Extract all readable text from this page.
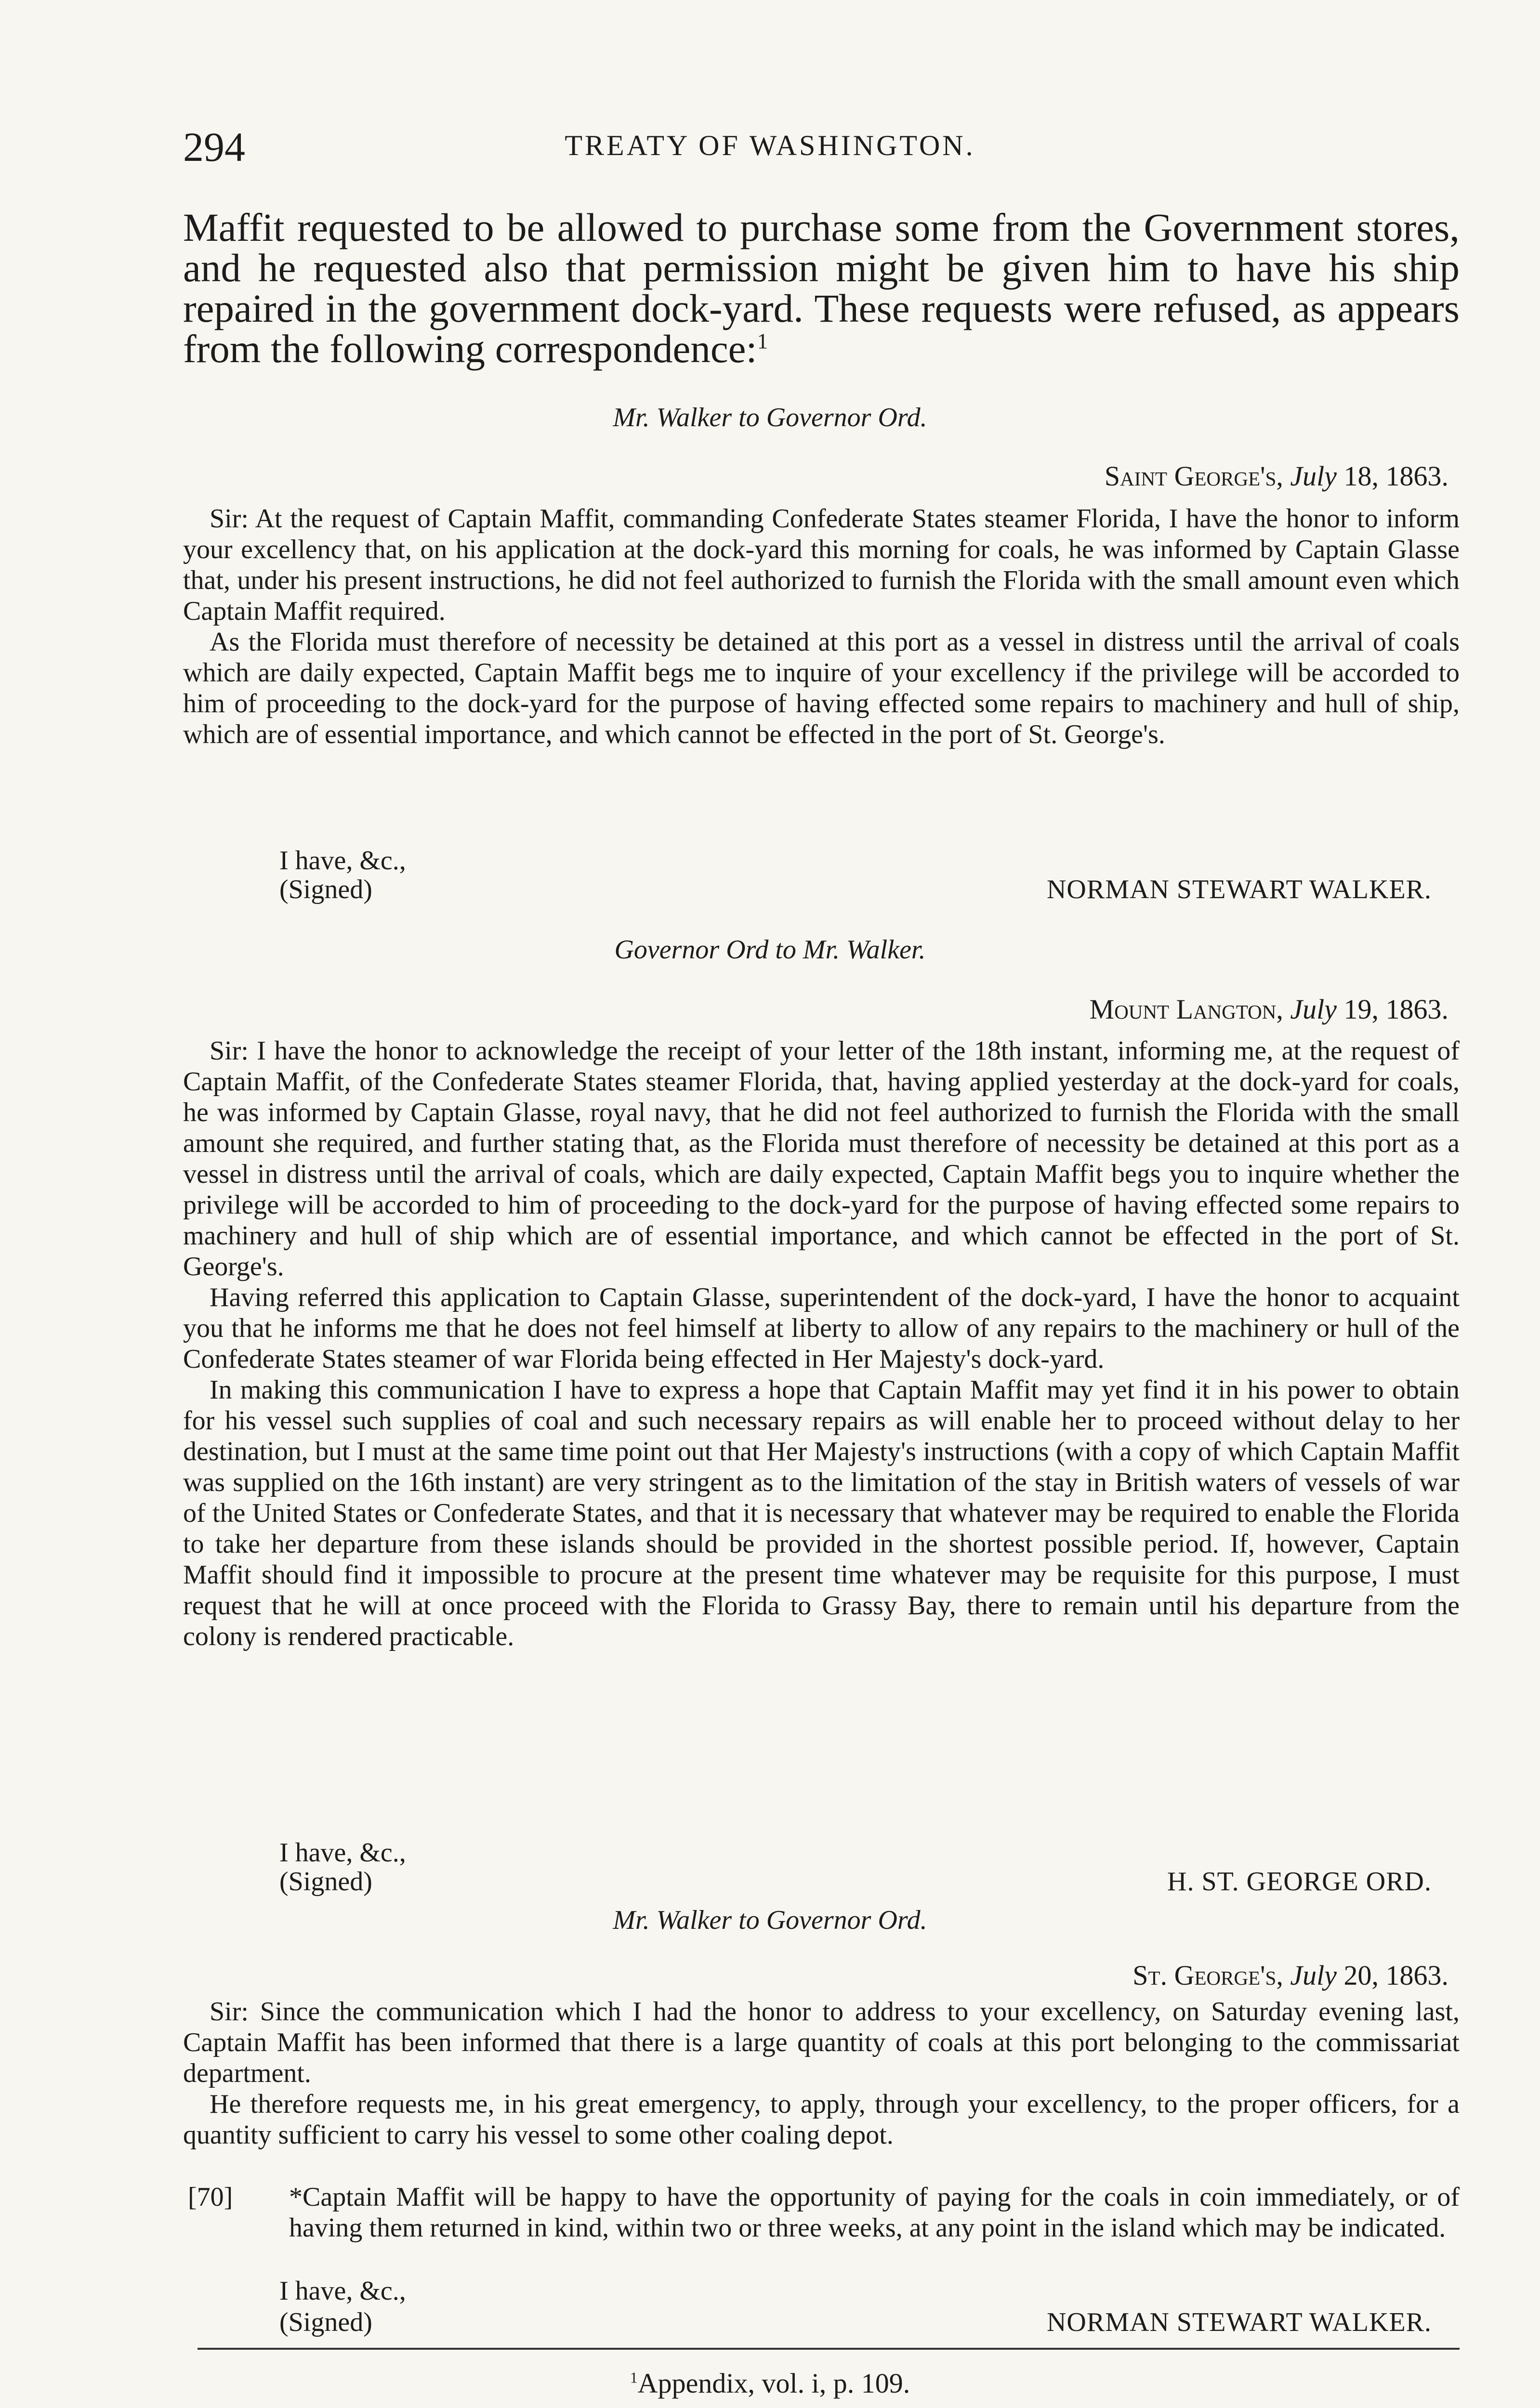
294	TREATY OF WASHINGTON.
Maffit requested to be allowed to purchase some from the Government stores, and he requested also that permission might be given him to have his ship repaired in the government dock-yard. These requests were refused, as appears from the following correspondence:$^1$
Mr. Walker to Governor Ord.
Saint George's, July 18, 1863.

Sir: At the request of Captain Maffit, commanding Confederate States steamer Florida, I have the honor to inform your excellency that, on his application at the dock-yard this morning for coals, he was informed by Captain Glasse that, under his present instructions, he did not feel authorized to furnish the Florida with the small amount even which Captain Maffit required.

As the Florida must therefore of necessity be detained at this port as a vessel in distress until the arrival of coals which are daily expected, Captain Maffit begs me to inquire of your excellency if the privilege will be accorded to him of proceeding to the dock-yard for the purpose of having effected some repairs to machinery and hull of ship, which are of essential importance, and which cannot be effected in the port of St. George's.

I have, &c.,
(Signed)	NORMAN STEWART WALKER.
Governor Ord to Mr. Walker.
Mount Langton, July 19, 1863.

Sir: I have the honor to acknowledge the receipt of your letter of the 18th instant, informing me, at the request of Captain Maffit, of the Confederate States steamer Florida, that, having applied yesterday at the dock-yard for coals, he was informed by Captain Glasse, royal navy, that he did not feel authorized to furnish the Florida with the small amount she required, and further stating that, as the Florida must therefore of necessity be detained at this port as a vessel in distress until the arrival of coals, which are daily expected, Captain Maffit begs you to inquire whether the privilege will be accorded to him of proceeding to the dock-yard for the purpose of having effected some repairs to machinery and hull of ship which are of essential importance, and which cannot be effected in the port of St. George's.

Having referred this application to Captain Glasse, superintendent of the dock-yard, I have the honor to acquaint you that he informs me that he does not feel himself at liberty to allow of any repairs to the machinery or hull of the Confederate States steamer of war Florida being effected in Her Majesty's dock-yard.

In making this communication I have to express a hope that Captain Maffit may yet find it in his power to obtain for his vessel such supplies of coal and such necessary repairs as will enable her to proceed without delay to her destination, but I must at the same time point out that Her Majesty's instructions (with a copy of which Captain Maffit was supplied on the 16th instant) are very stringent as to the limitation of the stay in British waters of vessels of war of the United States or Confederate States, and that it is necessary that whatever may be required to enable the Florida to take her departure from these islands should be provided in the shortest possible period. If, however, Captain Maffit should find it impossible to procure at the present time whatever may be requisite for this purpose, I must request that he will at once proceed with the Florida to Grassy Bay, there to remain until his departure from the colony is rendered practicable.

I have, &c.,
(Signed)	H. ST. GEORGE ORD.
Mr. Walker to Governor Ord.
St. George's, July 20, 1863.

Sir: Since the communication which I had the honor to address to your excellency, on Saturday evening last, Captain Maffit has been informed that there is a large quantity of coals at this port belonging to the commissariat department.

He therefore requests me, in his great emergency, to apply, through your excellency, to the proper officers, for a quantity sufficient to carry his vessel to some other coaling depot.

[70]	*Captain Maffit will be happy to have the opportunity of paying for the coals in coin immediately, or of having them returned in kind, within two or three weeks, at any point in the island which may be indicated.

I have, &c.,
(Signed)	NORMAN STEWART WALKER.
$^1$Appendix, vol. i, p. 109.
